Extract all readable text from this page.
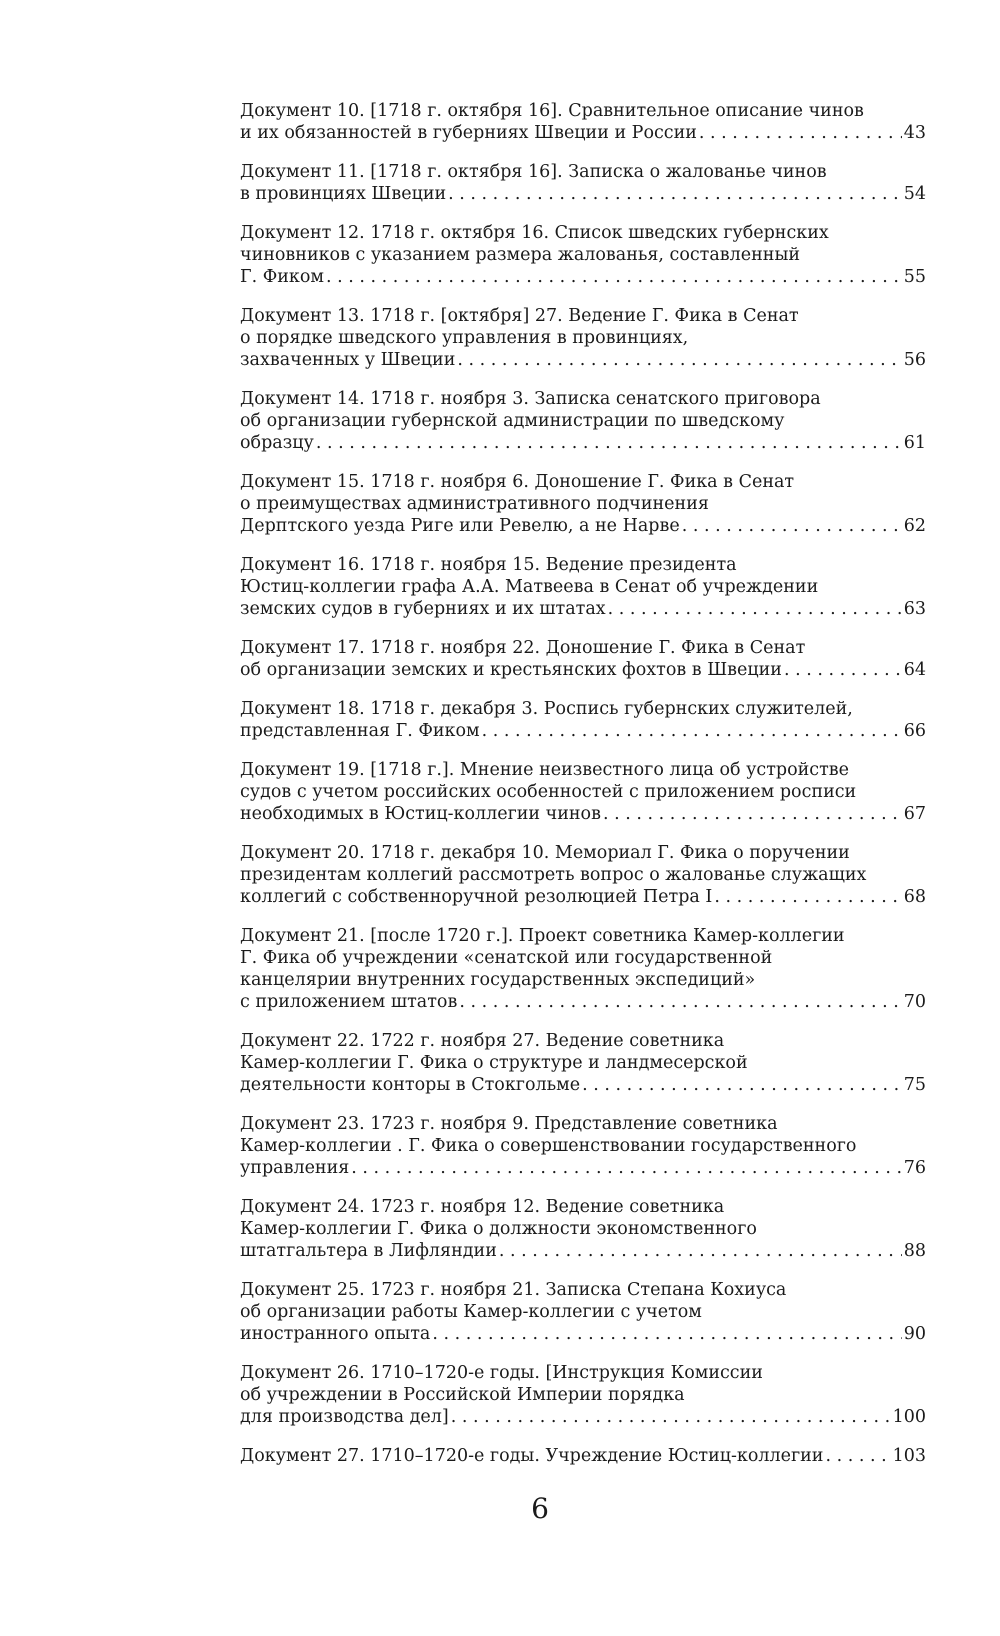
Документ 10. [1718 г. октября 16]. Сравнительное описание чинов
и их обязанностей в губерниях Швеции и России . . .	43
Документ 11. [1718 г. октября 16]. Записка о жалованье чинов
в провинциях Швеции . . .	54
Документ 12. 1718 г. октября 16. Список шведских губернских
чиновников с указанием размера жалованья, составленный
Г. Фиком . . .	55
Документ 13. 1718 г. [октября] 27. Ведение Г. Фика в Сенат
о порядке шведского управления в провинциях,
захваченных у Швеции . . .	56
Документ 14. 1718 г. ноября 3. Записка сенатского приговора
об организации губернской администрации по шведскому
образцу . . .	61
Документ 15. 1718 г. ноября 6. Доношение Г. Фика в Сенат
о преимуществах административного подчинения
Дерптского уезда Риге или Ревелю, а не Нарве . . .	62
Документ 16. 1718 г. ноября 15. Ведение президента
Юстиц-коллегии графа А.А. Матвеева в Сенат об учреждении
земских судов в губерниях и их штатах . . .	63
Документ 17. 1718 г. ноября 22. Доношение Г. Фика в Сенат
об организации земских и крестьянских фохтов в Швеции . . .	64
Документ 18. 1718 г. декабря 3. Роспись губернских служителей,
представленная Г. Фиком . . .	66
Документ 19. [1718 г.]. Мнение неизвестного лица об устройстве
судов с учетом российских особенностей с приложением росписи
необходимых в Юстиц-коллегии чинов . . .	67
Документ 20. 1718 г. декабря 10. Мемориал Г. Фика о поручении
президентам коллегий рассмотреть вопрос о жалованье служащих
коллегий с собственноручной резолюцией Петра I . . .	68
Документ 21. [после 1720 г.]. Проект советника Камер-коллегии
Г. Фика об учреждении «сенатской или государственной
канцелярии внутренних государственных экспедиций»
с приложением штатов . . .	70
Документ 22. 1722 г. ноября 27. Ведение советника
Камер-коллегии Г. Фика о структуре и ландмесерской
деятельности конторы в Стокгольме . . .	75
Документ 23. 1723 г. ноября 9. Представление советника
Камер-коллегии . Г. Фика о совершенствовании государственного
управления . . .	76
Документ 24. 1723 г. ноября 12. Ведение советника
Камер-коллегии Г. Фика о должности экономственного
штатгальтера в Лифляндии . . .	88
Документ 25. 1723 г. ноября 21. Записка Степана Кохиуса
об организации работы Камер-коллегии с учетом
иностранного опыта . . .	90
Документ 26. 1710–1720-е годы. [Инструкция Комиссии
об учреждении в Российской Империи порядка
для производства дел] . . .	100
Документ 27. 1710–1720-е годы. Учреждение Юстиц-коллегии . . .	103
6
